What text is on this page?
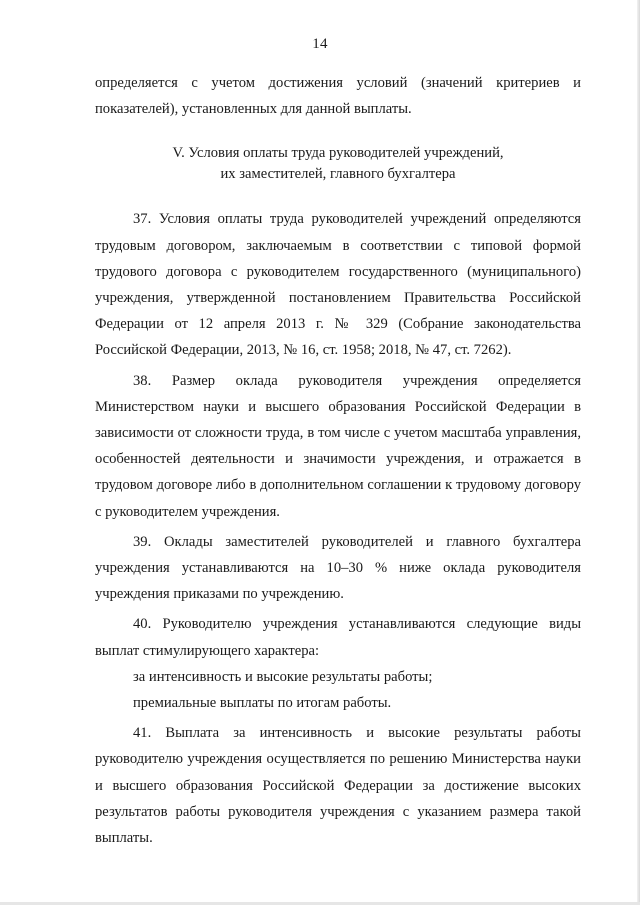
14

определяется с учетом достижения условий (значений критериев и показателей), установленных для данной выплаты.

V. Условия оплаты труда руководителей учреждений,
их заместителей, главного бухгалтера

37. Условия оплаты труда руководителей учреждений определяются трудовым договором, заключаемым в соответствии с типовой формой трудового договора с руководителем государственного (муниципального) учреждения, утвержденной постановлением Правительства Российской Федерации от 12 апреля 2013 г. № 329 (Собрание законодательства Российской Федерации, 2013, № 16, ст. 1958; 2018, № 47, ст. 7262).

38. Размер оклада руководителя учреждения определяется Министерством науки и высшего образования Российской Федерации в зависимости от сложности труда, в том числе с учетом масштаба управления, особенностей деятельности и значимости учреждения, и отражается в трудовом договоре либо в дополнительном соглашении к трудовому договору с руководителем учреждения.

39. Оклады заместителей руководителей и главного бухгалтера учреждения устанавливаются на 10–30 % ниже оклада руководителя учреждения приказами по учреждению.

40. Руководителю учреждения устанавливаются следующие виды выплат стимулирующего характера:

за интенсивность и высокие результаты работы;

премиальные выплаты по итогам работы.

41. Выплата за интенсивность и высокие результаты работы руководителю учреждения осуществляется по решению Министерства науки и высшего образования Российской Федерации за достижение высоких результатов работы руководителя учреждения с указанием размера такой выплаты.
